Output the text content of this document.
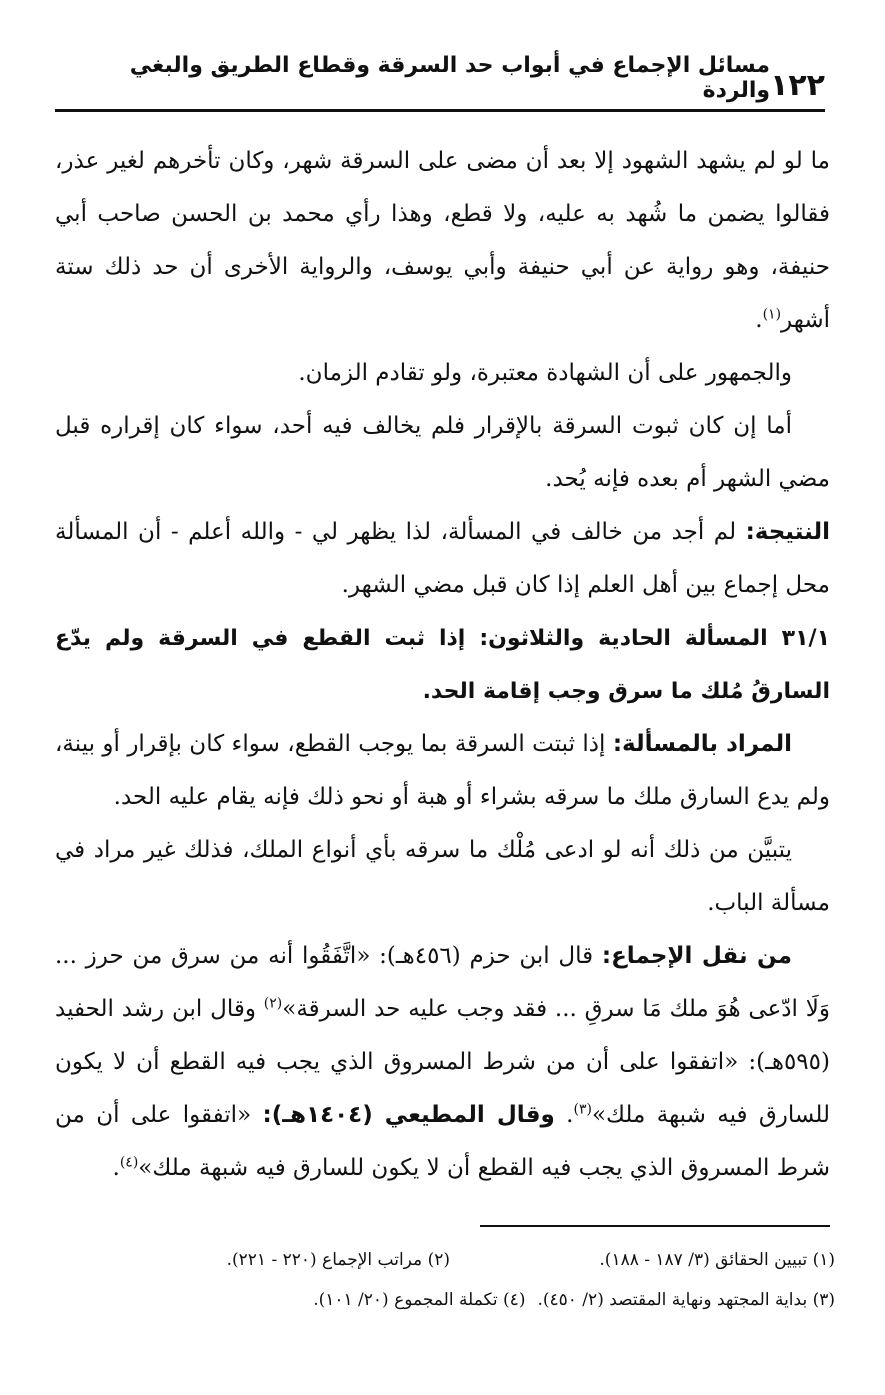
١٢٢
مسائل الإجماع في أبواب حد السرقة وقطاع الطريق والبغي والردة

ما لو لم يشهد الشهود إلا بعد أن مضى على السرقة شهر، وكان تأخرهم لغير عذر، فقالوا يضمن ما شُهد به عليه، ولا قطع، وهذا رأي محمد بن الحسن صاحب أبي حنيفة، وهو رواية عن أبي حنيفة وأبي يوسف، والرواية الأخرى أن حد ذلك ستة أشهر$^{(١)}$.

والجمهور على أن الشهادة معتبرة، ولو تقادم الزمان.

أما إن كان ثبوت السرقة بالإقرار فلم يخالف فيه أحد، سواء كان إقراره قبل مضي الشهر أم بعده فإنه يُحد.

النتيجة: لم أجد من خالف في المسألة، لذا يظهر لي - والله أعلم - أن المسألة محل إجماع بين أهل العلم إذا كان قبل مضي الشهر.

٣١/١ المسألة الحادية والثلاثون: إذا ثبت القطع في السرقة ولم يدّع السارقُ مُلك ما سرق وجب إقامة الحد.

المراد بالمسألة: إذا ثبتت السرقة بما يوجب القطع، سواء كان بإقرار أو بينة، ولم يدع السارق ملك ما سرقه بشراء أو هبة أو نحو ذلك فإنه يقام عليه الحد.

يتبيَّن من ذلك أنه لو ادعى مُلْك ما سرقه بأي أنواع الملك، فذلك غير مراد في مسألة الباب.

من نقل الإجماع: قال ابن حزم (٤٥٦هـ): «اتَّفَقُوا أنه من سرق من حرز ... وَلَا ادّعى هُوَ ملك مَا سرقِ ... فقد وجب عليه حد السرقة»$^{(٢)}$ وقال ابن رشد الحفيد (٥٩٥هـ): «اتفقوا على أن من شرط المسروق الذي يجب فيه القطع أن لا يكون للسارق فيه شبهة ملك»$^{(٣)}$. وقال المطيعي (١٤٠٤هـ): «اتفقوا على أن من شرط المسروق الذي يجب فيه القطع أن لا يكون للسارق فيه شبهة ملك»$^{(٤)}$.

(١) تبيين الحقائق (٣/ ١٨٧ - ١٨٨).
(٢) مراتب الإجماع (٢٢٠ - ٢٢١).
(٣) بداية المجتهد ونهاية المقتصد (٢/ ٤٥٠).
(٤) تكملة المجموع (٢٠/ ١٠١).
